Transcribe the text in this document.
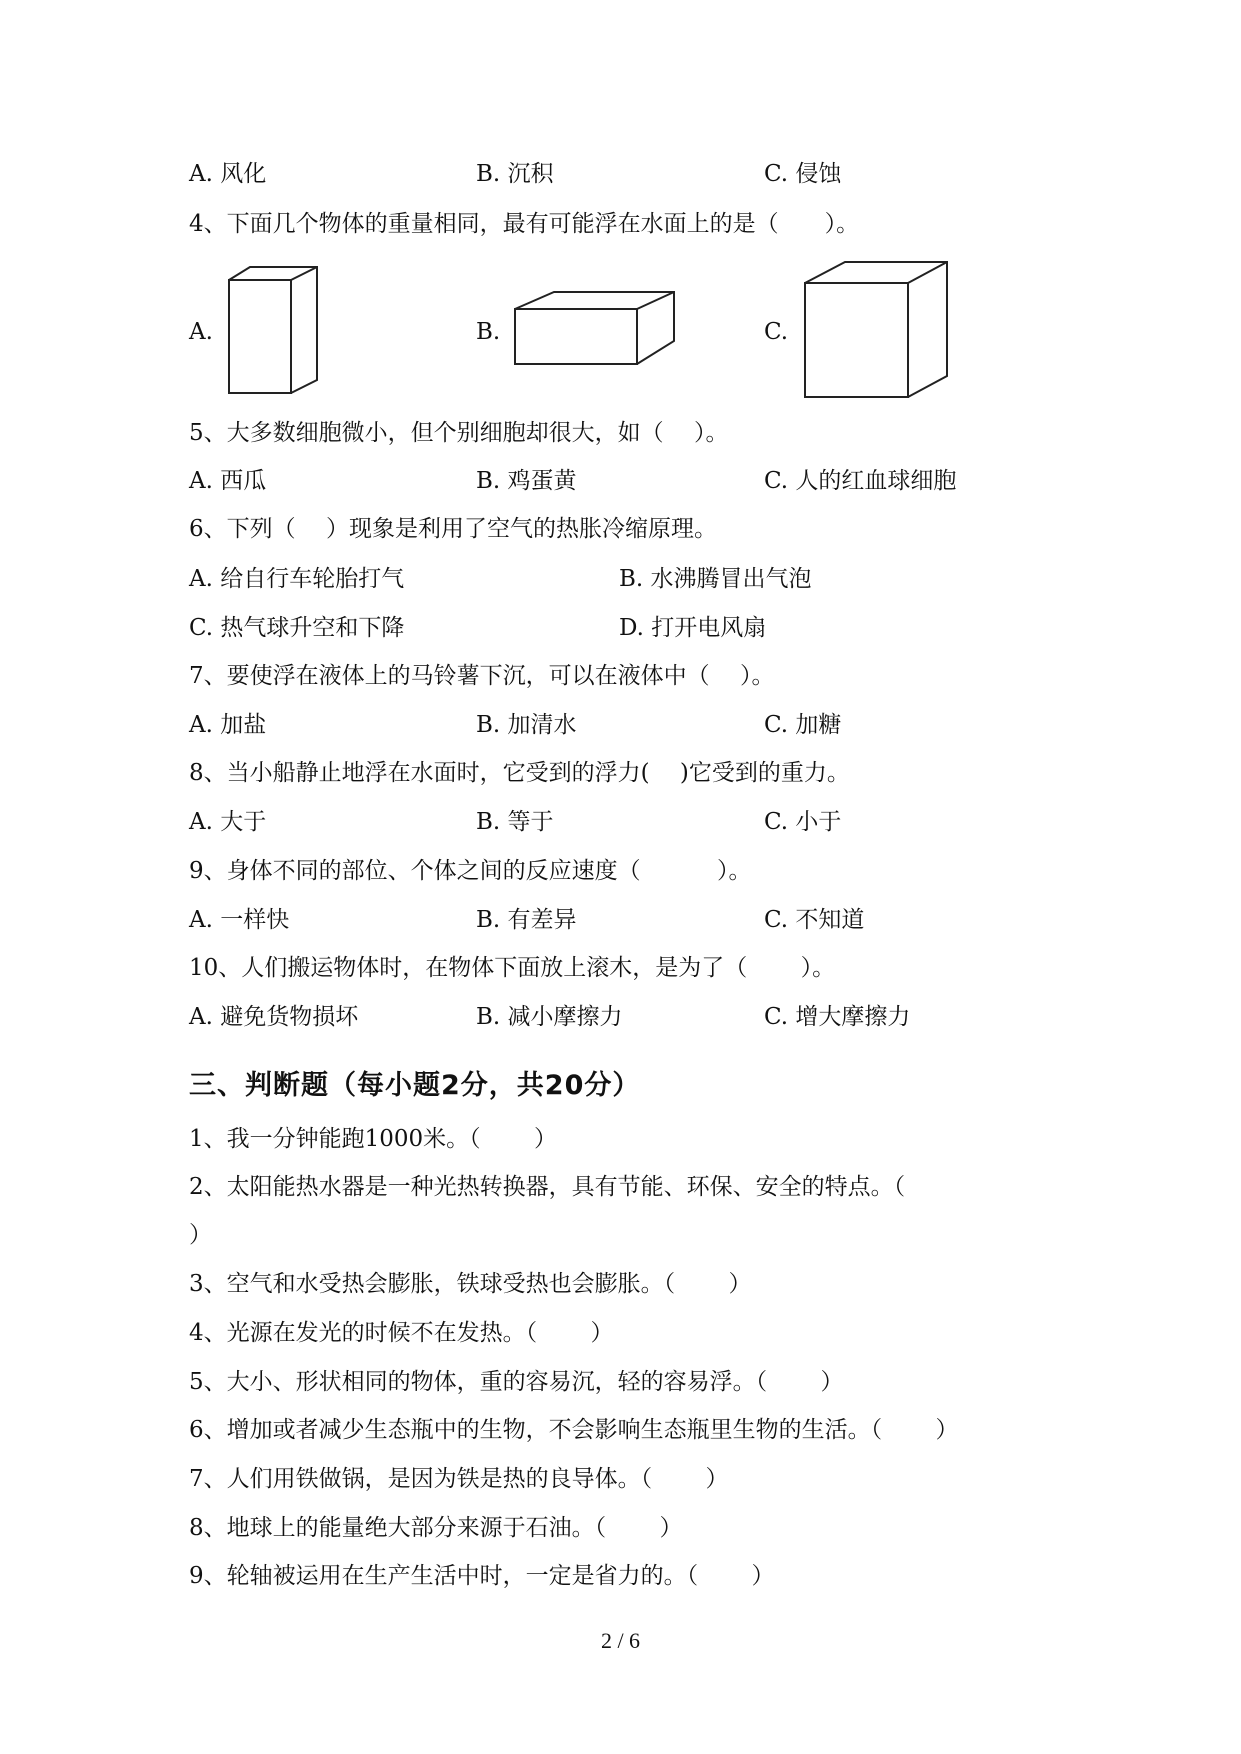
A. 风化	B. 沉积	C. 侵蚀
4、下面几个物体的重量相同，最有可能浮在水面上的是（　　）。
A.	B.	C.
5、大多数细胞微小，但个别细胞却很大，如（　 ）。
A. 西瓜	B. 鸡蛋黄	C. 人的红血球细胞
6、下列（　 ）现象是利用了空气的热胀冷缩原理。
A. 给自行车轮胎打气	B. 水沸腾冒出气泡
C. 热气球升空和下降	D. 打开电风扇
7、要使浮在液体上的马铃薯下沉，可以在液体中（　 ）。
A. 加盐	B. 加清水	C. 加糖
8、当小船静止地浮在水面时，它受到的浮力(　 )它受到的重力。
A. 大于	B. 等于	C. 小于
9、身体不同的部位、个体之间的反应速度（　　　 ）。
A. 一样快	B. 有差异	C. 不知道
10、人们搬运物体时，在物体下面放上滚木，是为了（　　 ）。
A. 避免货物损坏	B. 减小摩擦力	C. 增大摩擦力
三、判断题（每小题2分，共20分）
1、我一分钟能跑1000米。（　　 ）
2、太阳能热水器是一种光热转换器，具有节能、环保、安全的特点。（
）
3、空气和水受热会膨胀，铁球受热也会膨胀。（　　 ）
4、光源在发光的时候不在发热。（　　 ）
5、大小、形状相同的物体，重的容易沉，轻的容易浮。（　　 ）
6、增加或者减少生态瓶中的生物，不会影响生态瓶里生物的生活。（　　 ）
7、人们用铁做锅，是因为铁是热的良导体。（　　 ）
8、地球上的能量绝大部分来源于石油。（　　 ）
9、轮轴被运用在生产生活中时，一定是省力的。（　　 ）
2 / 6
